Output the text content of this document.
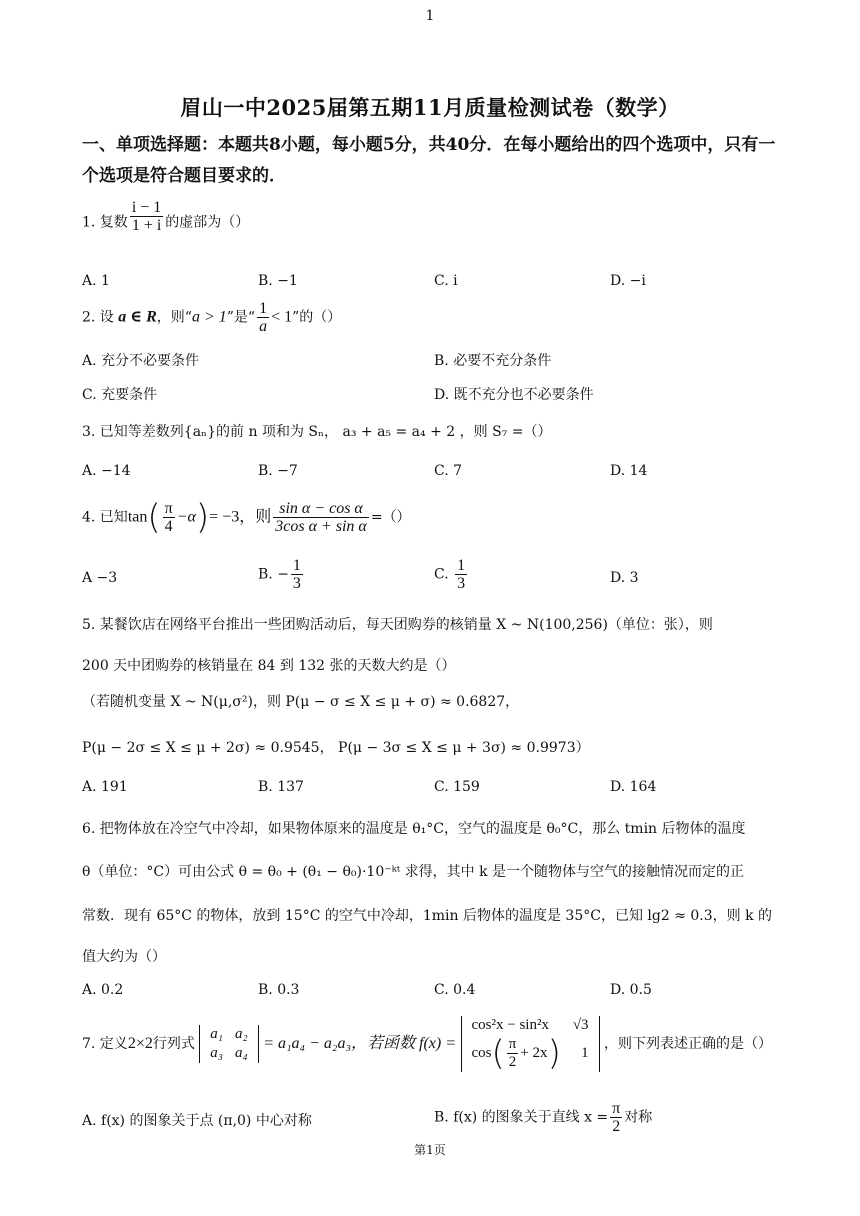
1
眉山一中2025届第五期11月质量检测试卷（数学）
一、单项选择题：本题共8小题，每小题5分，共40分．在每小题给出的四个选项中，只有一个选项是符合题目要求的．
1. 复数 $\frac{i - 1}{1 + i}$ 的虚部为（）
A. 1	B. −1	C. i	D. −i
2. 设 a ∈ R，则“a > 1”是“ $\frac{1}{a} < 1$”的（）
A. 充分不必要条件	B. 必要不充分条件
C. 充要条件	D. 既不充分也不必要条件
3. 已知等差数列{aₙ}的前 n 项和为 Sₙ， a₃ + a₅ = a₄ + 2 ，则 S₇ =（）
A. −14	B. −7	C. 7	D. 14
4. 已知$\tan( \frac{\pi}{4} -\alpha)= -3$，则 $\frac{\text{sin α − cos α}}{\text{3cos α + sin α}}$ =（）
A −3	B. − $\frac{1}{3}$	C. $\frac{1}{3}$	D. 3
5. 某餐饮店在网络平台推出一些团购活动后，每天团购券的核销量 X ~ N(100,256)（单位：张），则
200 天中团购券的核销量在 84 到 132 张的天数大约是（）
（若随机变量 X ~ N(μ,σ²)，则 P(μ − σ ≤ X ≤ μ + σ) ≈ 0.6827，
P(μ − 2σ ≤ X ≤ μ + 2σ) ≈ 0.9545， P(μ − 3σ ≤ X ≤ μ + 3σ) ≈ 0.9973）
A. 191	B. 137	C. 159	D. 164
6. 把物体放在冷空气中冷却，如果物体原来的温度是 θ₁°C，空气的温度是 θ₀°C，那么 tmin 后物体的温度
θ（单位：°C）可由公式 θ = θ₀ + (θ₁ − θ₀)·10⁻ᵏᵗ 求得，其中 k 是一个随物体与空气的接触情况而定的正
常数．现有 65°C 的物体，放到 15°C 的空气中冷却，1min 后物体的温度是 35°C，已知 lg2 ≈ 0.3，则 k 的
值大约为（）
A. 0.2	B. 0.3	C. 0.4	D. 0.5
7. 定义2×2行列式
a₁	a₂
a₃	a₄
= a₁a₄ − a₂a₃，若函数 f(x) =
cos²x − sin²x	√3
$\cos( \frac{\pi}{2} + 2x)$	1
，则下列表述正确的是（）
A. f(x) 的图象关于点 (π,0) 中心对称	B. f(x) 的图象关于直线 $x = \frac{\pi}{2}$ 对称
第1页
